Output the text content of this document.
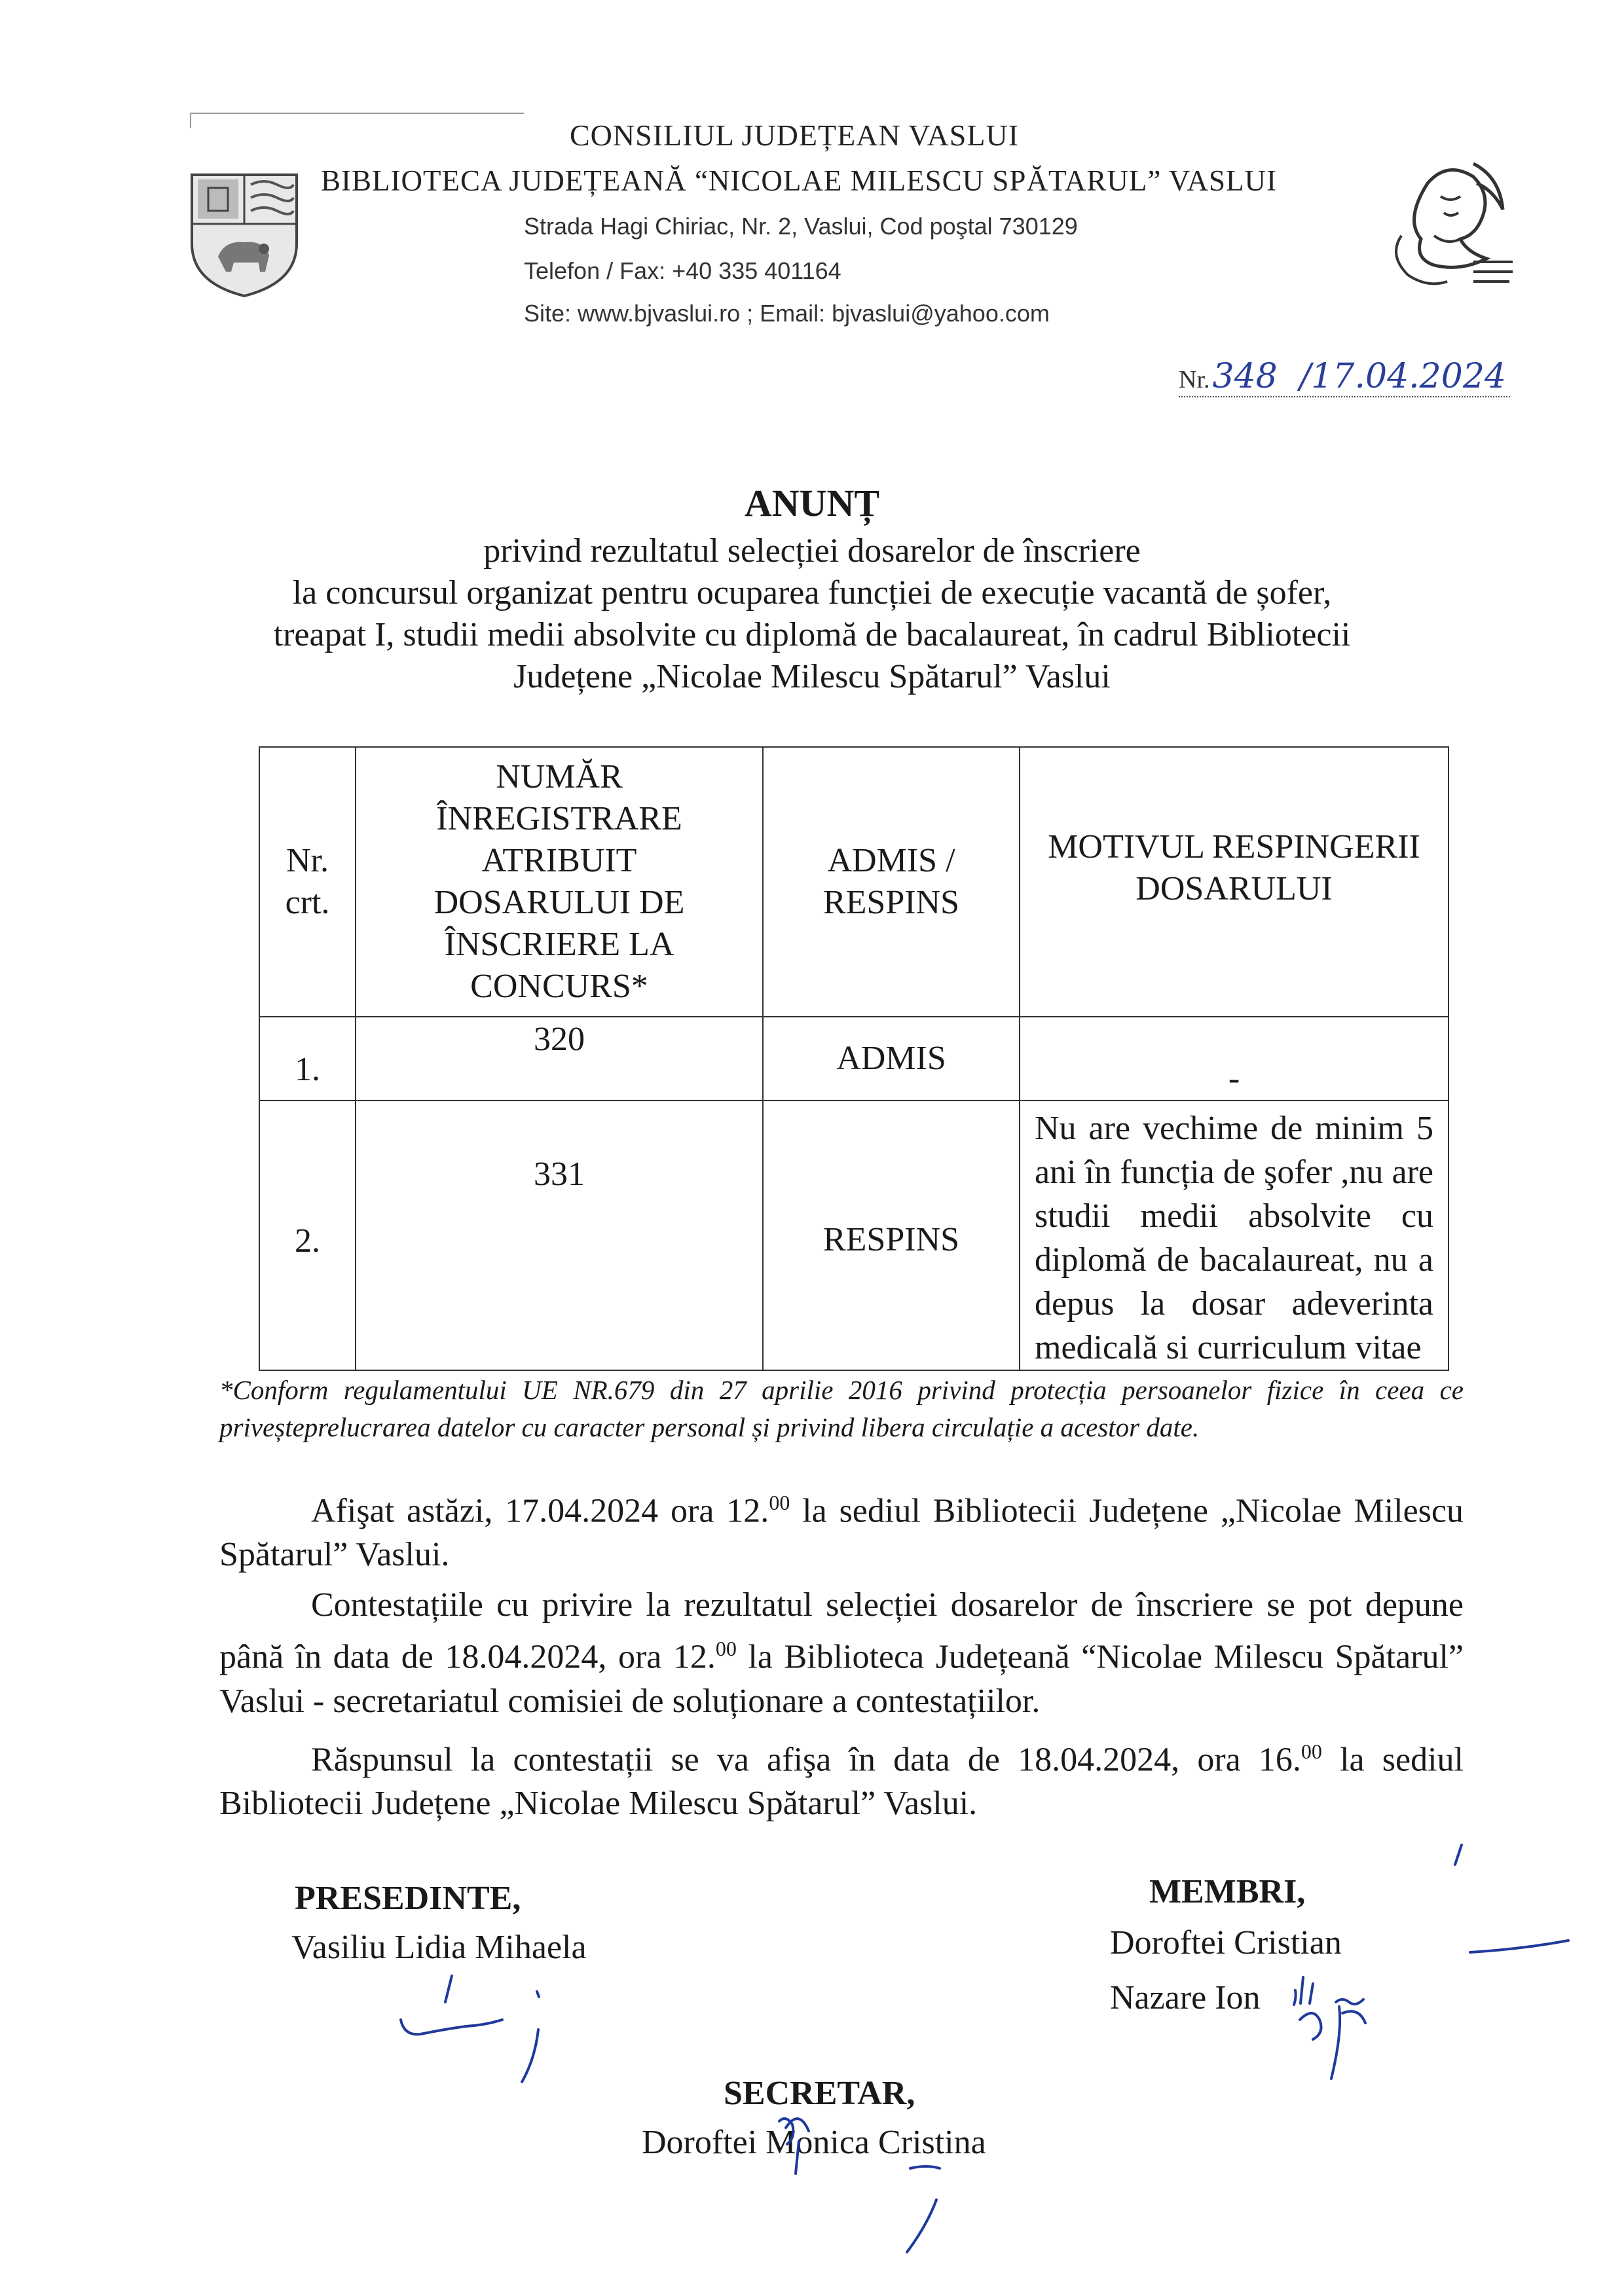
CONSILIUL JUDEȚEAN VASLUI
BIBLIOTECA JUDEȚEANĂ “NICOLAE MILESCU SPĂTARUL” VASLUI
Strada Hagi Chiriac, Nr. 2, Vaslui, Cod poştal 730129
Telefon / Fax: +40 335 401164
Site: www.bjvaslui.ro ; Email: bjvaslui@yahoo.com
Nr. 348 /17.04.2024
ANUNȚ
privind rezultatul selecției dosarelor de înscriere
la concursul organizat pentru ocuparea funcției de execuție vacantă de șofer,
treapat I, studii medii absolvite cu diplomă de bacalaureat, în cadrul Bibliotecii
Județene „Nicolae Milescu Spătarul” Vaslui
Nr. crt.	NUMĂR ÎNREGISTRARE ATRIBUIT DOSARULUI DE ÎNSCRIERE LA CONCURS*	ADMIS / RESPINS	MOTIVUL RESPINGERII DOSARULUI
1.	320	ADMIS	-
2.	331	RESPINS	Nu are vechime de minim 5 ani în funcția de şofer ,nu are studii medii absolvite cu diplomă de bacalaureat, nu a depus la dosar adeverinta medicală si curriculum vitae
*Conform regulamentului UE NR.679 din 27 aprilie 2016 privind protecția persoanelor fizice în ceea ce priveșteprelucrarea datelor cu caracter personal și privind libera circulație a acestor date.
Afişat astăzi, 17.04.2024 ora 12.00 la sediul Bibliotecii Județene „Nicolae Milescu Spătarul” Vaslui.
Contestațiile cu privire la rezultatul selecției dosarelor de înscriere se pot depune până în data de 18.04.2024, ora 12.00 la Biblioteca Județeană “Nicolae Milescu Spătarul” Vaslui - secretariatul comisiei de soluționare a contestațiilor.
Răspunsul la contestații se va afişa în data de 18.04.2024, ora 16.00 la sediul Bibliotecii Județene „Nicolae Milescu Spătarul” Vaslui.
PRESEDINTE,
Vasiliu Lidia Mihaela
MEMBRI,
Doroftei Cristian
Nazare Ion
SECRETAR,
Doroftei Monica Cristina
